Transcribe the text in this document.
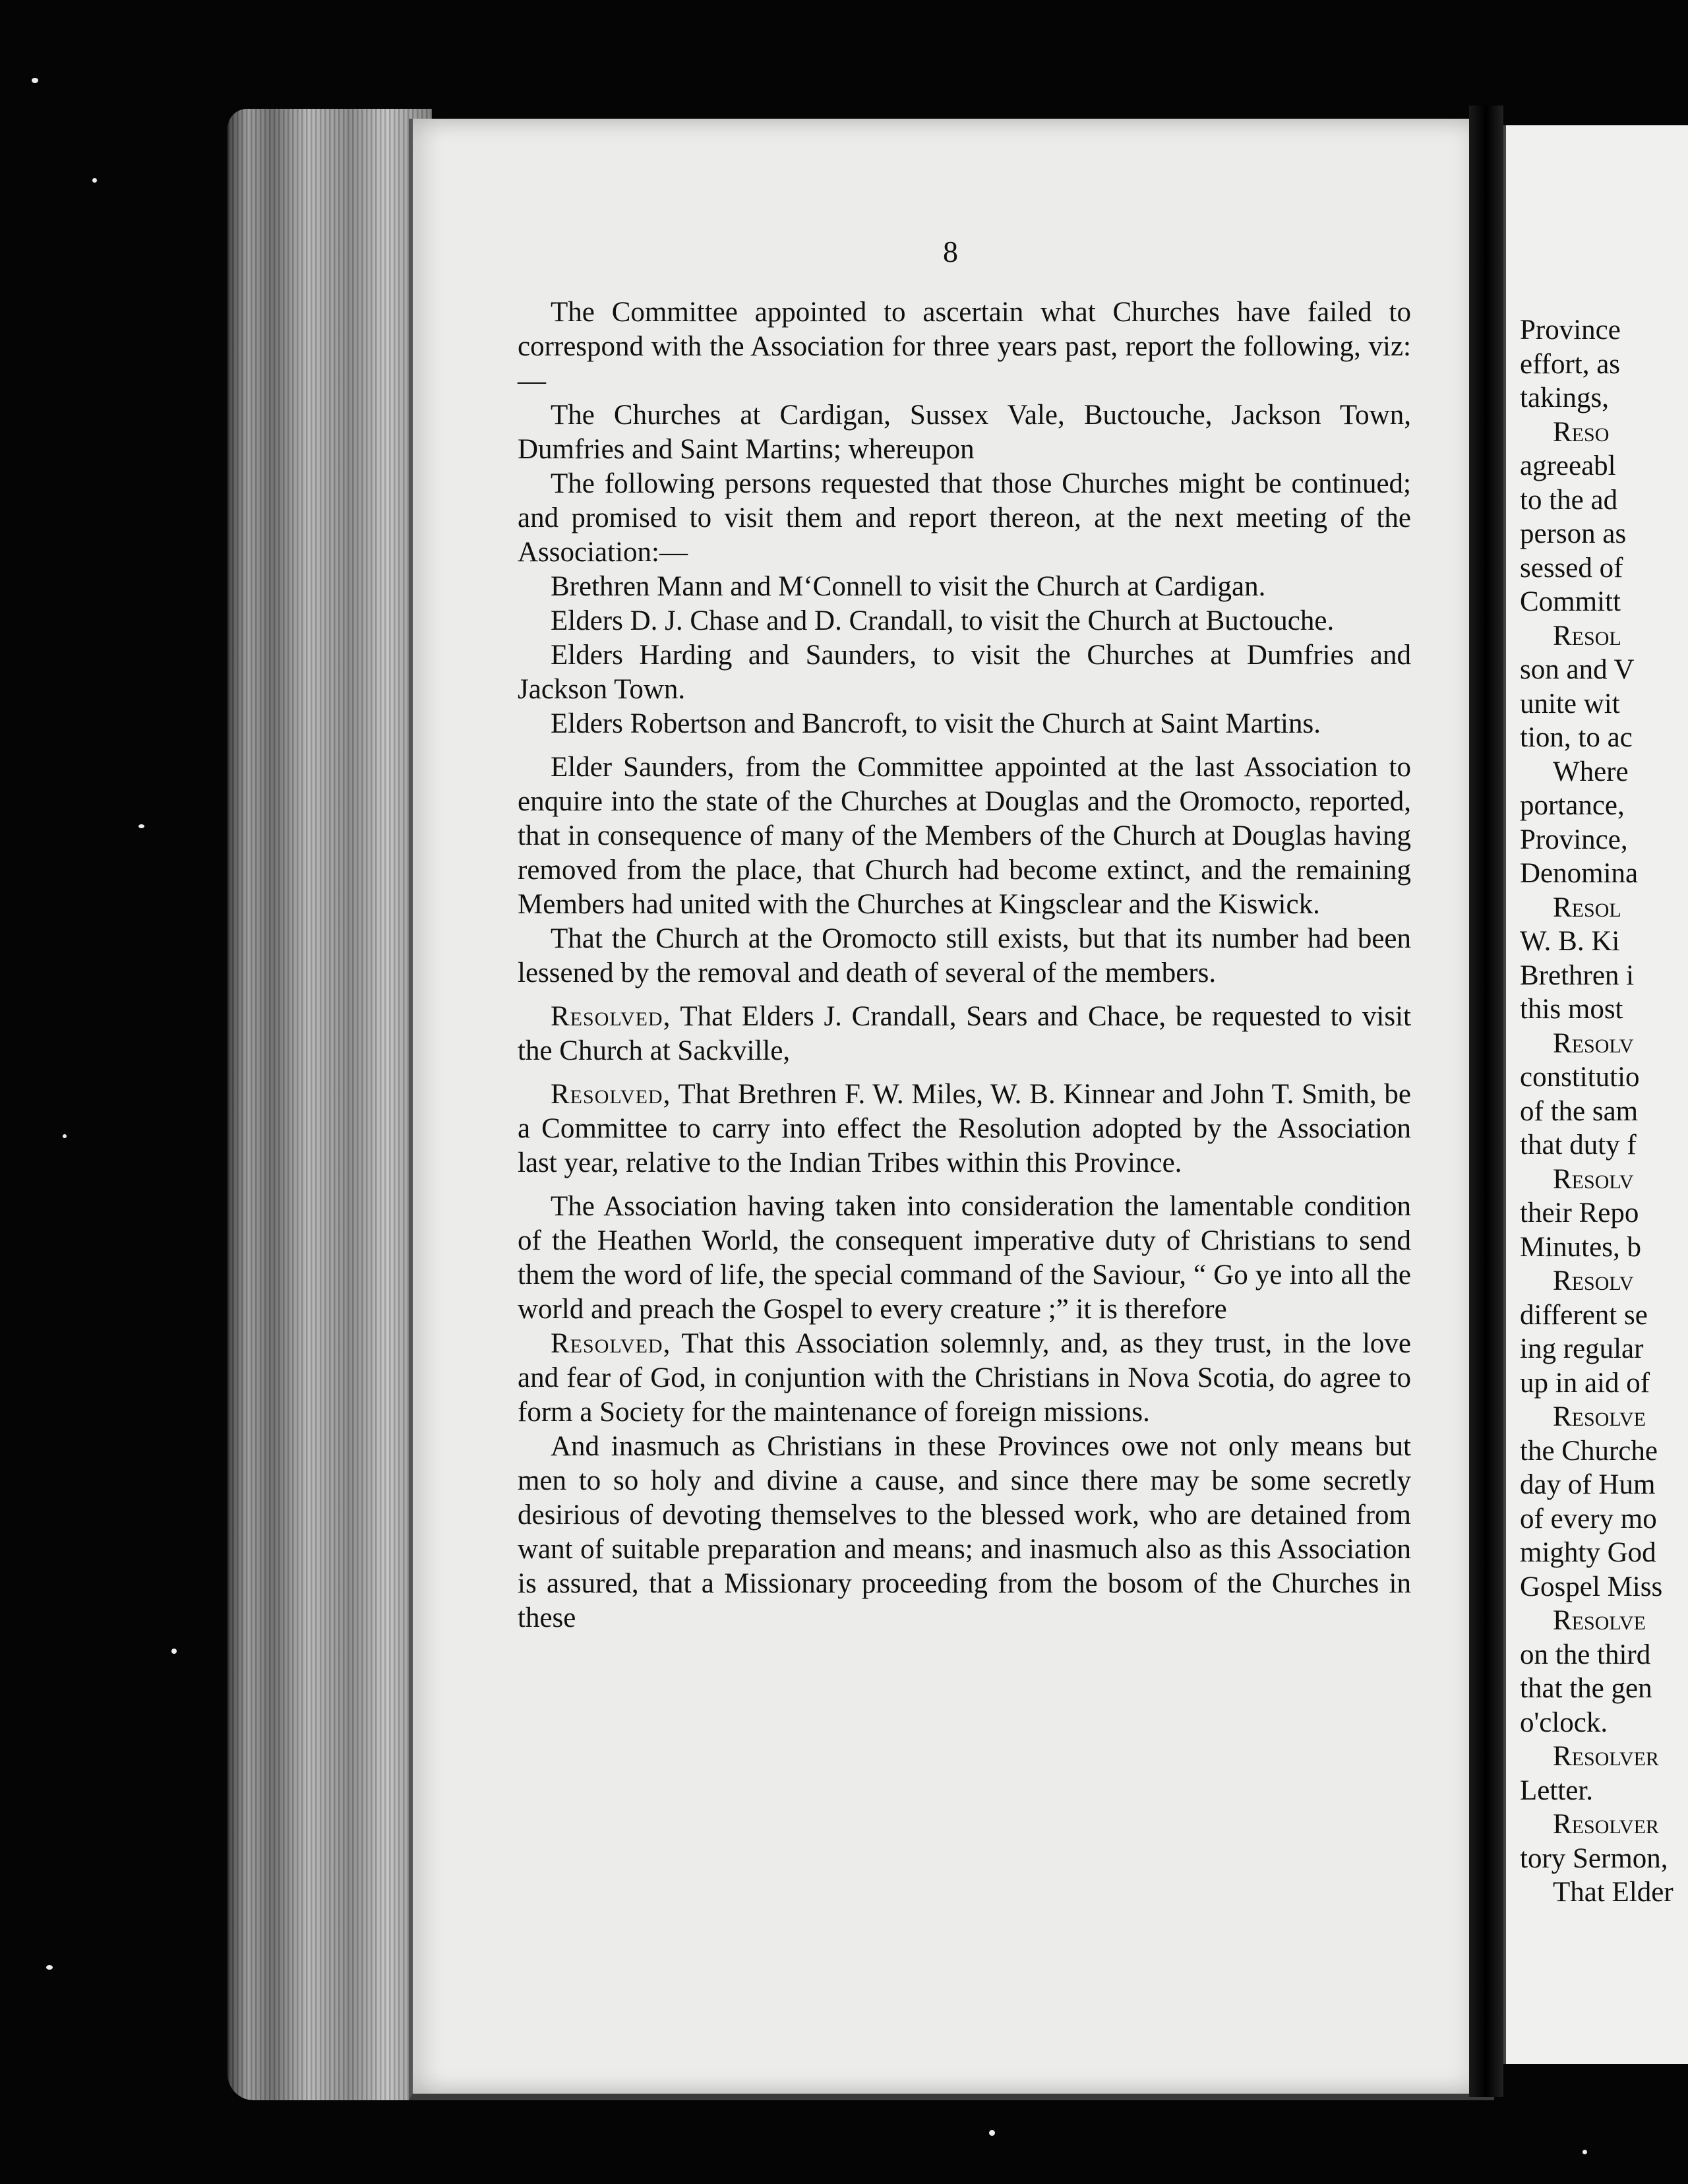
8

The Committee appointed to ascertain what Churches have failed to correspond with the Association for three years past, report the following, viz:—

The Churches at Cardigan, Sussex Vale, Buctouche, Jackson Town, Dumfries and Saint Martins; whereupon

The following persons requested that those Churches might be continued; and promised to visit them and report thereon, at the next meeting of the Association:—

Brethren Mann and M‘Connell to visit the Church at Cardigan.

Elders D. J. Chase and D. Crandall, to visit the Church at Buctouche.

Elders Harding and Saunders, to visit the Churches at Dumfries and Jackson Town.

Elders Robertson and Bancroft, to visit the Church at Saint Martins.

Elder Saunders, from the Committee appointed at the last Association to enquire into the state of the Churches at Douglas and the Oromocto, reported, that in consequence of many of the Members of the Church at Douglas having removed from the place, that Church had become extinct, and the remaining Members had united with the Churches at Kingsclear and the Kiswick.

That the Church at the Oromocto still exists, but that its number had been lessened by the removal and death of several of the members.

Resolved, That Elders J. Crandall, Sears and Chace, be requested to visit the Church at Sackville,

Resolved, That Brethren F. W. Miles, W. B. Kinnear and John T. Smith, be a Committee to carry into effect the Resolution adopted by the Association last year, relative to the Indian Tribes within this Province.

The Association having taken into consideration the lamentable condition of the Heathen World, the consequent imperative duty of Christians to send them the word of life, the special command of the Saviour, “ Go ye into all the world and preach the Gospel to every creature ;” it is therefore

Resolved, That this Association solemnly, and, as they trust, in the love and fear of God, in conjuntion with the Christians in Nova Scotia, do agree to form a Society for the maintenance of foreign missions.

And inasmuch as Christians in these Provinces owe not only means but men to so holy and divine a cause, and since there may be some secretly desirious of devoting themselves to the blessed work, who are detained from want of suitable preparation and means; and inasmuch also as this Association is assured, that a Missionary proceeding from the bosom of the Churches in these

Province
effort, as
takings,
Reso
agreeabl
to the ad
person as
sessed of
Committ
Resol
son and V
unite wit
tion, to ac
Where
portance,
Province,
Denomina
Resol
W. B. Ki
Brethren i
this most
Resolv
constitutio
of the sam
that duty f
Resolv
their Repo
Minutes, b
Resolv
different se
ing regular
up in aid of
Resolve
the Churche
day of Hum
of every mo
mighty God
Gospel Miss
Resolve
on the third
that the gen
o'clock.
Resolver
Letter.
Resolver
tory Sermon,
That Elder
